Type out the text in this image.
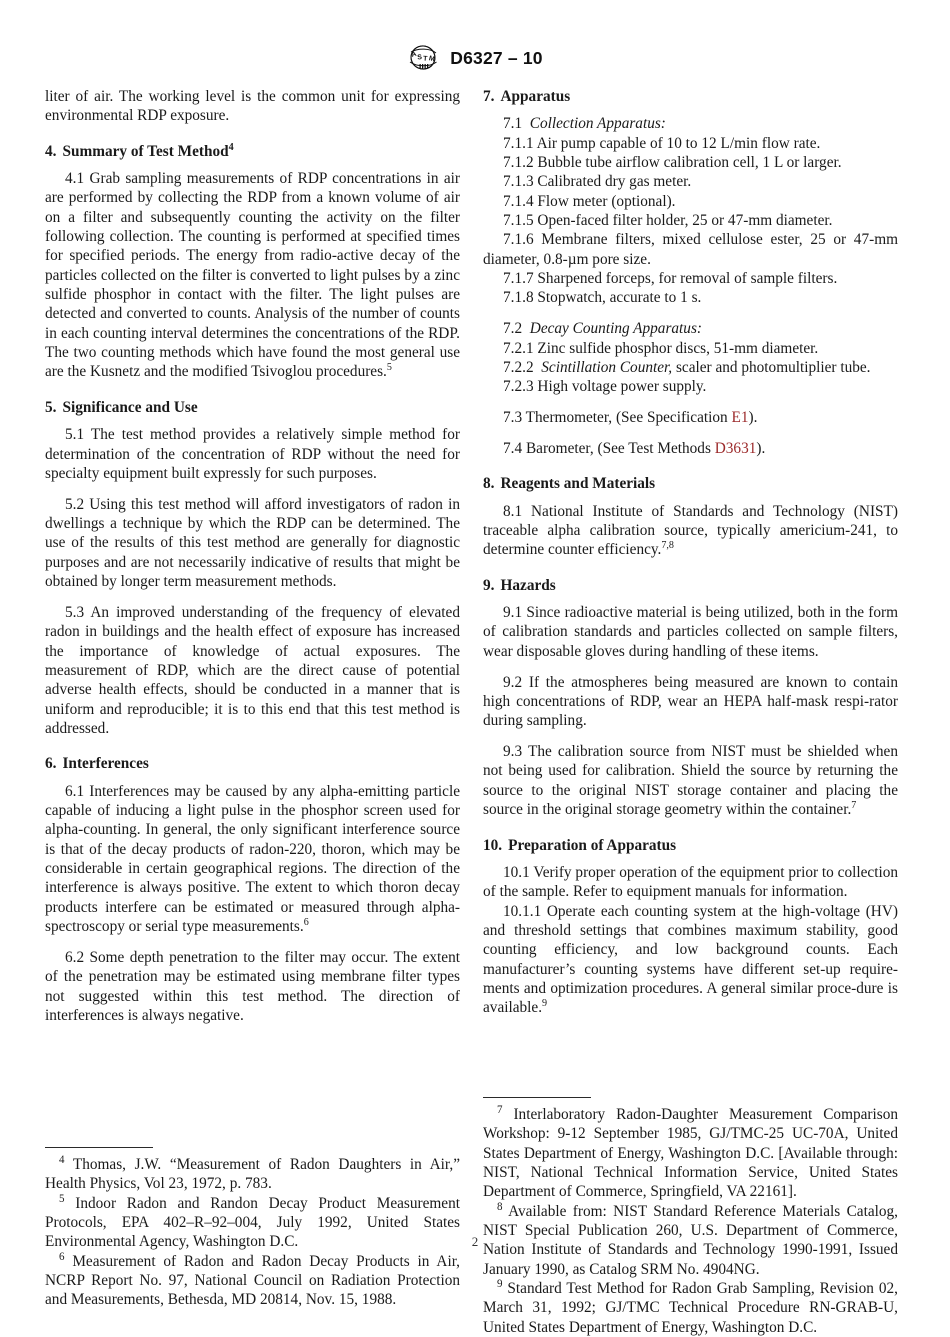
A S T M D6327 – 10

liter of air. The working level is the common unit for expressing environmental RDP exposure.

4. Summary of Test Method$^4$

4.1 Grab sampling measurements of RDP concentrations in air are performed by collecting the RDP from a known volume of air on a filter and subsequently counting the activity on the filter following collection. The counting is performed at specified times for specified periods. The energy from radio-active decay of the particles collected on the filter is converted to light pulses by a zinc sulfide phosphor in contact with the filter. The light pulses are detected and converted to counts. Analysis of the number of counts in each counting interval determines the concentrations of the RDP. The two counting methods which have found the most general use are the Kusnetz and the modified Tsivoglou procedures.$^5$

5. Significance and Use

5.1 The test method provides a relatively simple method for determination of the concentration of RDP without the need for specialty equipment built expressly for such purposes.

5.2 Using this test method will afford investigators of radon in dwellings a technique by which the RDP can be determined. The use of the results of this test method are generally for diagnostic purposes and are not necessarily indicative of results that might be obtained by longer term measurement methods.

5.3 An improved understanding of the frequency of elevated radon in buildings and the health effect of exposure has increased the importance of knowledge of actual exposures. The measurement of RDP, which are the direct cause of potential adverse health effects, should be conducted in a manner that is uniform and reproducible; it is to this end that this test method is addressed.

6. Interferences

6.1 Interferences may be caused by any alpha-emitting particle capable of inducing a light pulse in the phosphor screen used for alpha-counting. In general, the only significant interference source is that of the decay products of radon-220, thoron, which may be considerable in certain geographical regions. The direction of the interference is always positive. The extent to which thoron decay products interfere can be estimated or measured through alpha-spectroscopy or serial type measurements.$^6$

6.2 Some depth penetration to the filter may occur. The extent of the penetration may be estimated using membrane filter types not suggested within this test method. The direction of interferences is always negative.

$^4$ Thomas, J.W. “Measurement of Radon Daughters in Air,” Health Physics, Vol 23, 1972, p. 783.

$^5$ Indoor Radon and Randon Decay Product Measurement Protocols, EPA 402–R–92–004, July 1992, United States Environmental Agency, Washington D.C.

$^6$ Measurement of Radon and Radon Decay Products in Air, NCRP Report No. 97, National Council on Radiation Protection and Measurements, Bethesda, MD 20814, Nov. 15, 1988.

7. Apparatus

7.1 Collection Apparatus:

7.1.1 Air pump capable of 10 to 12 L/min flow rate.

7.1.2 Bubble tube airflow calibration cell, 1 L or larger.

7.1.3 Calibrated dry gas meter.

7.1.4 Flow meter (optional).

7.1.5 Open-faced filter holder, 25 or 47-mm diameter.

7.1.6 Membrane filters, mixed cellulose ester, 25 or 47-mm diameter, 0.8-µm pore size.

7.1.7 Sharpened forceps, for removal of sample filters.

7.1.8 Stopwatch, accurate to 1 s.

7.2 Decay Counting Apparatus:

7.2.1 Zinc sulfide phosphor discs, 51-mm diameter.

7.2.2 Scintillation Counter, scaler and photomultiplier tube.

7.2.3 High voltage power supply.

7.3 Thermometer, (See Specification E1).

7.4 Barometer, (See Test Methods D3631).

8. Reagents and Materials

8.1 National Institute of Standards and Technology (NIST) traceable alpha calibration source, typically americium-241, to determine counter efficiency.$^{7,8}$

9. Hazards

9.1 Since radioactive material is being utilized, both in the form of calibration standards and particles collected on sample filters, wear disposable gloves during handling of these items.

9.2 If the atmospheres being measured are known to contain high concentrations of RDP, wear an HEPA half-mask respi-rator during sampling.

9.3 The calibration source from NIST must be shielded when not being used for calibration. Shield the source by returning the source to the original NIST storage container and placing the source in the original storage geometry within the container.$^7$

10. Preparation of Apparatus

10.1 Verify proper operation of the equipment prior to collection of the sample. Refer to equipment manuals for information.

10.1.1 Operate each counting system at the high-voltage (HV) and threshold settings that combines maximum stability, good counting efficiency, and low background counts. Each manufacturer’s counting systems have different set-up require-ments and optimization procedures. A general similar proce-dure is available.$^9$

$^7$ Interlaboratory Radon-Daughter Measurement Comparison Workshop: 9-12 September 1985, GJ/TMC-25 UC-70A, United States Department of Energy, Washington D.C. [Available through: NIST, National Technical Information Service, United States Department of Commerce, Springfield, VA 22161].

$^8$ Available from: NIST Standard Reference Materials Catalog, NIST Special Publication 260, U.S. Department of Commerce, Nation Institute of Standards and Technology 1990-1991, Issued January 1990, as Catalog SRM No. 4904NG.

$^9$ Standard Test Method for Radon Grab Sampling, Revision 02, March 31, 1992; GJ/TMC Technical Procedure RN-GRAB-U, United States Department of Energy, Washington D.C.

2
